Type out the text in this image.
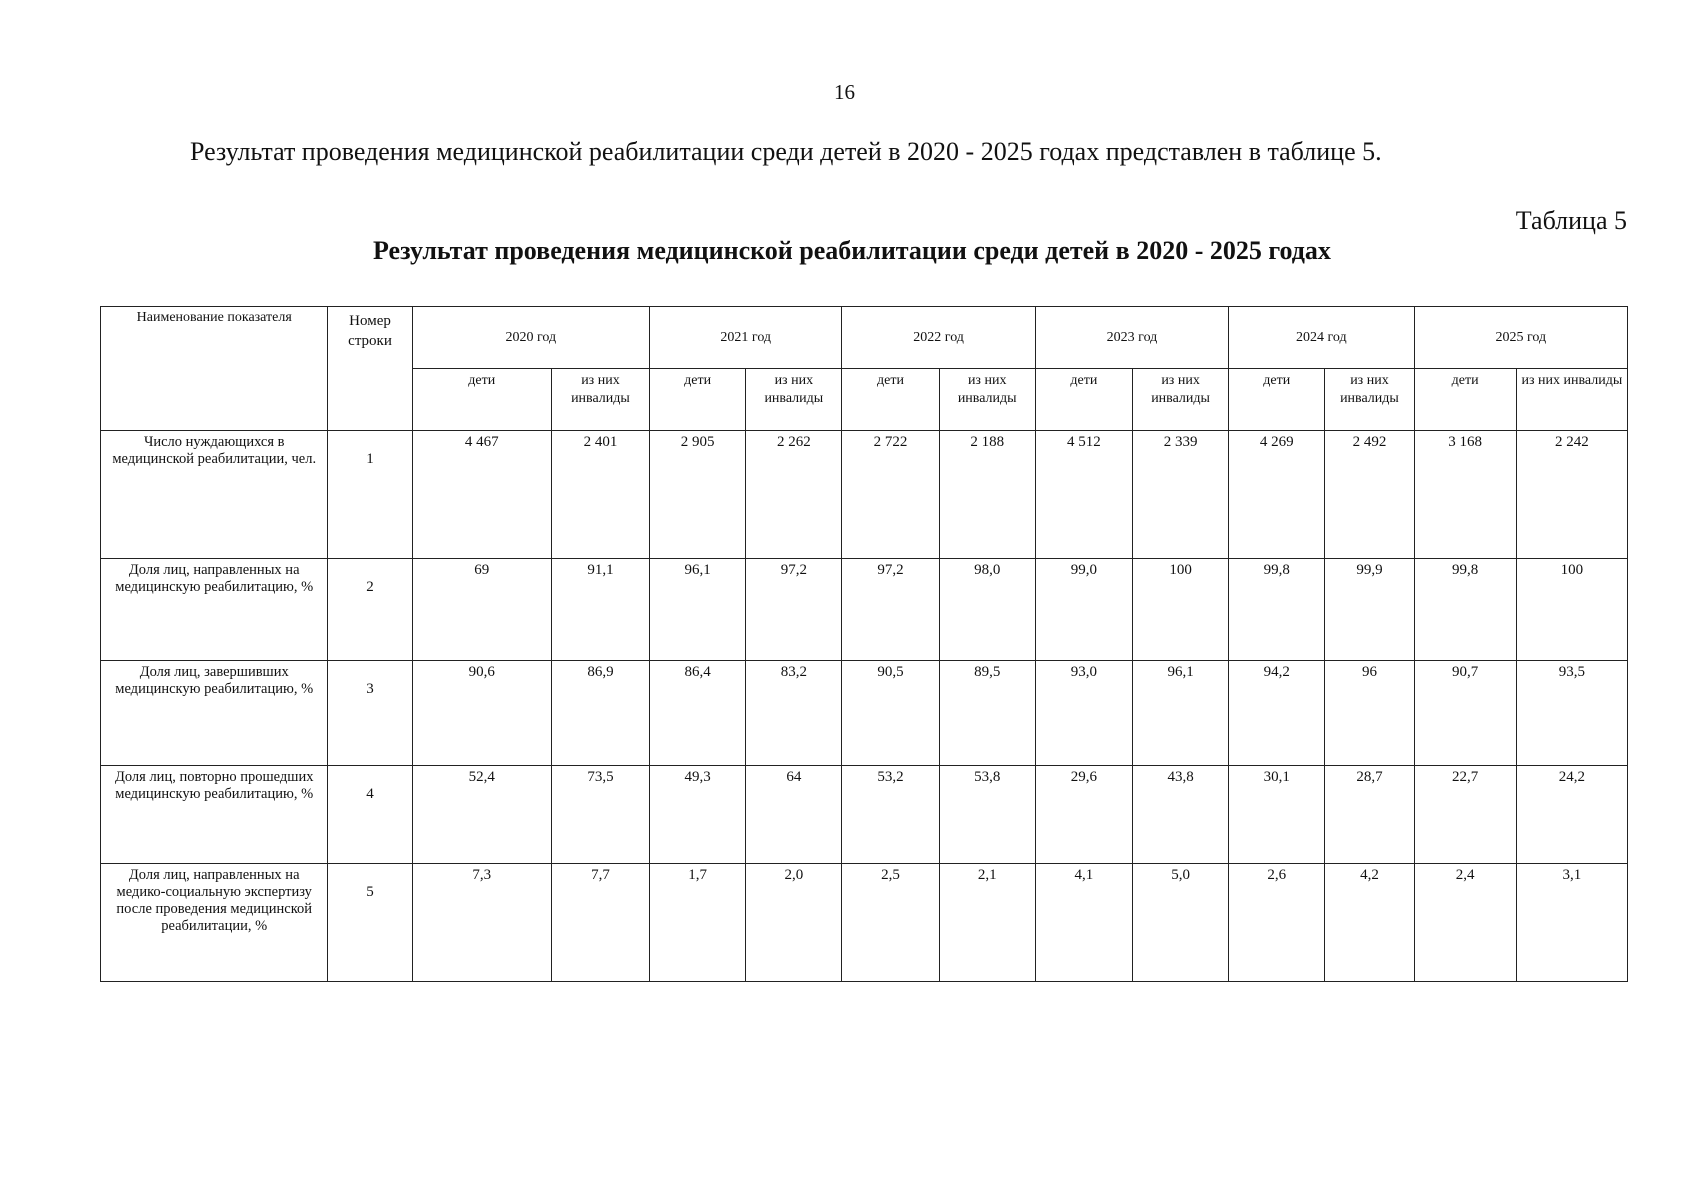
16
Результат проведения медицинской реабилитации среди детей в 2020 - 2025 годах представлен в таблице 5.
Таблица 5
Результат проведения медицинской реабилитации среди детей в 2020 - 2025 годах
Наименование показателя	Номер строки	2020 год		2021 год		2022 год		2023 год		2024 год		2025 год	
		дети	из них инвалиды	дети	из них инвалиды	дети	из них инвалиды	дети	из них инвалиды	дети	из них инвалиды	дети	из них инвалиды
Число нуждающихся в медицинской реабилитации, чел.	1	4 467	2 401	2 905	2 262	2 722	2 188	4 512	2 339	4 269	2 492	3 168	2 242
Доля лиц, направленных на медицинскую реабилитацию, %	2	69	91,1	96,1	97,2	97,2	98,0	99,0	100	99,8	99,9	99,8	100
Доля лиц, завершивших медицинскую реабилитацию, %	3	90,6	86,9	86,4	83,2	90,5	89,5	93,0	96,1	94,2	96	90,7	93,5
Доля лиц, повторно прошедших медицинскую реабилитацию, %	4	52,4	73,5	49,3	64	53,2	53,8	29,6	43,8	30,1	28,7	22,7	24,2
Доля лиц, направленных на медико-социальную экспертизу после проведения медицинской реабилитации, %	5	7,3	7,7	1,7	2,0	2,5	2,1	4,1	5,0	2,6	4,2	2,4	3,1
